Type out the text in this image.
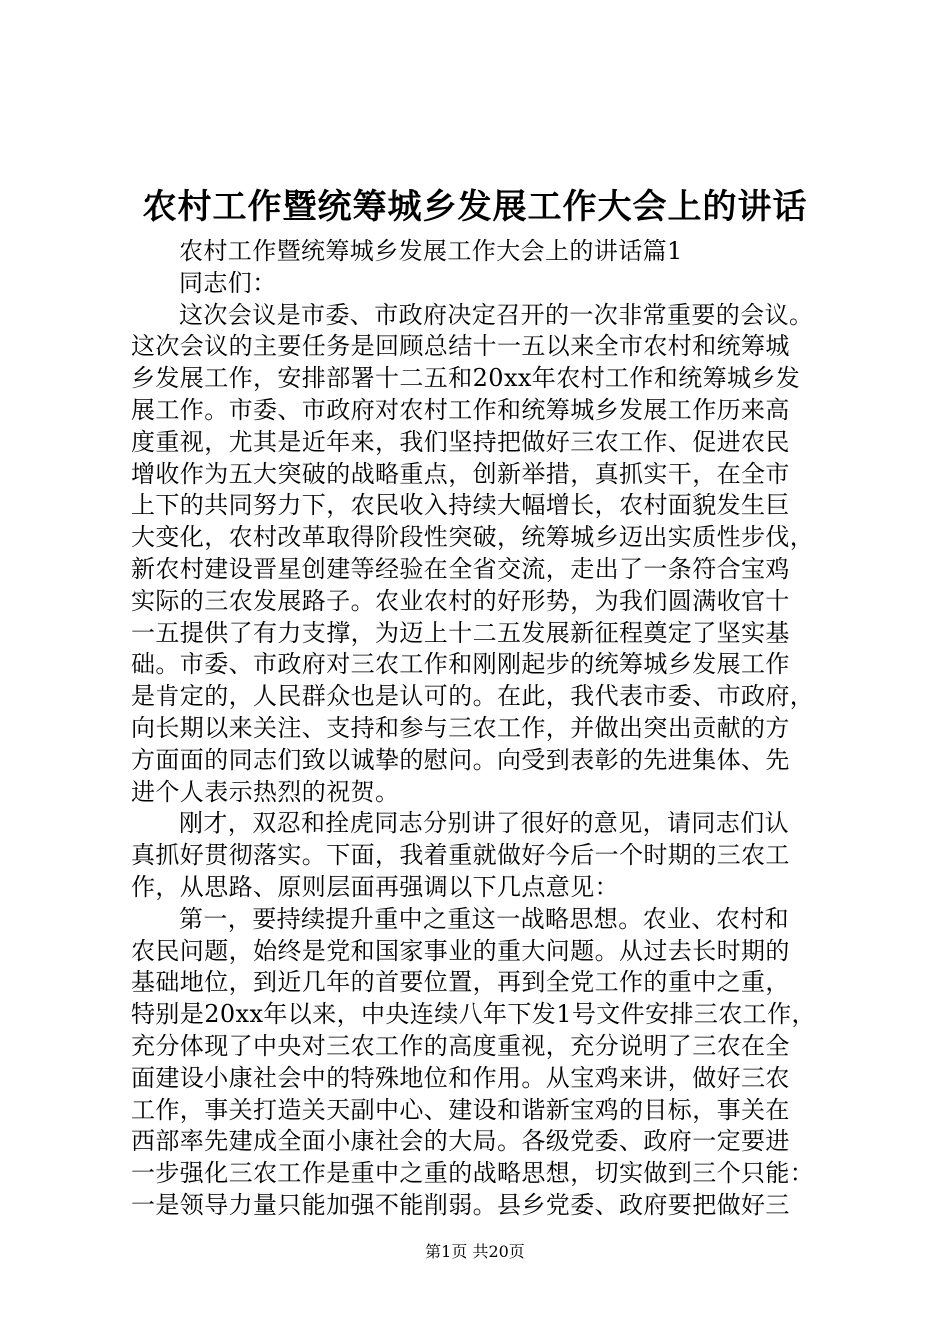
农村工作暨统筹城乡发展工作大会上的讲话
农村工作暨统筹城乡发展工作大会上的讲话篇1
同志们：
这次会议是市委、市政府决定召开的一次非常重要的会议。
这次会议的主要任务是回顾总结十一五以来全市农村和统筹城
乡发展工作，安排部署十二五和20xx年农村工作和统筹城乡发
展工作。市委、市政府对农村工作和统筹城乡发展工作历来高
度重视，尤其是近年来，我们坚持把做好三农工作、促进农民
增收作为五大突破的战略重点，创新举措，真抓实干，在全市
上下的共同努力下，农民收入持续大幅增长，农村面貌发生巨
大变化，农村改革取得阶段性突破，统筹城乡迈出实质性步伐，
新农村建设晋星创建等经验在全省交流，走出了一条符合宝鸡
实际的三农发展路子。农业农村的好形势，为我们圆满收官十
一五提供了有力支撑，为迈上十二五发展新征程奠定了坚实基
础。市委、市政府对三农工作和刚刚起步的统筹城乡发展工作
是肯定的，人民群众也是认可的。在此，我代表市委、市政府，
向长期以来关注、支持和参与三农工作，并做出突出贡献的方
方面面的同志们致以诚挚的慰问。向受到表彰的先进集体、先
进个人表示热烈的祝贺。
刚才，双忍和拴虎同志分别讲了很好的意见，请同志们认
真抓好贯彻落实。下面，我着重就做好今后一个时期的三农工
作，从思路、原则层面再强调以下几点意见：
第一，要持续提升重中之重这一战略思想。农业、农村和
农民问题，始终是党和国家事业的重大问题。从过去长时期的
基础地位，到近几年的首要位置，再到全党工作的重中之重，
特别是20xx年以来，中央连续八年下发1号文件安排三农工作，
充分体现了中央对三农工作的高度重视，充分说明了三农在全
面建设小康社会中的特殊地位和作用。从宝鸡来讲，做好三农
工作，事关打造关天副中心、建设和谐新宝鸡的目标，事关在
西部率先建成全面小康社会的大局。各级党委、政府一定要进
一步强化三农工作是重中之重的战略思想，切实做到三个只能：
一是领导力量只能加强不能削弱。县乡党委、政府要把做好三
第1页 共20页
